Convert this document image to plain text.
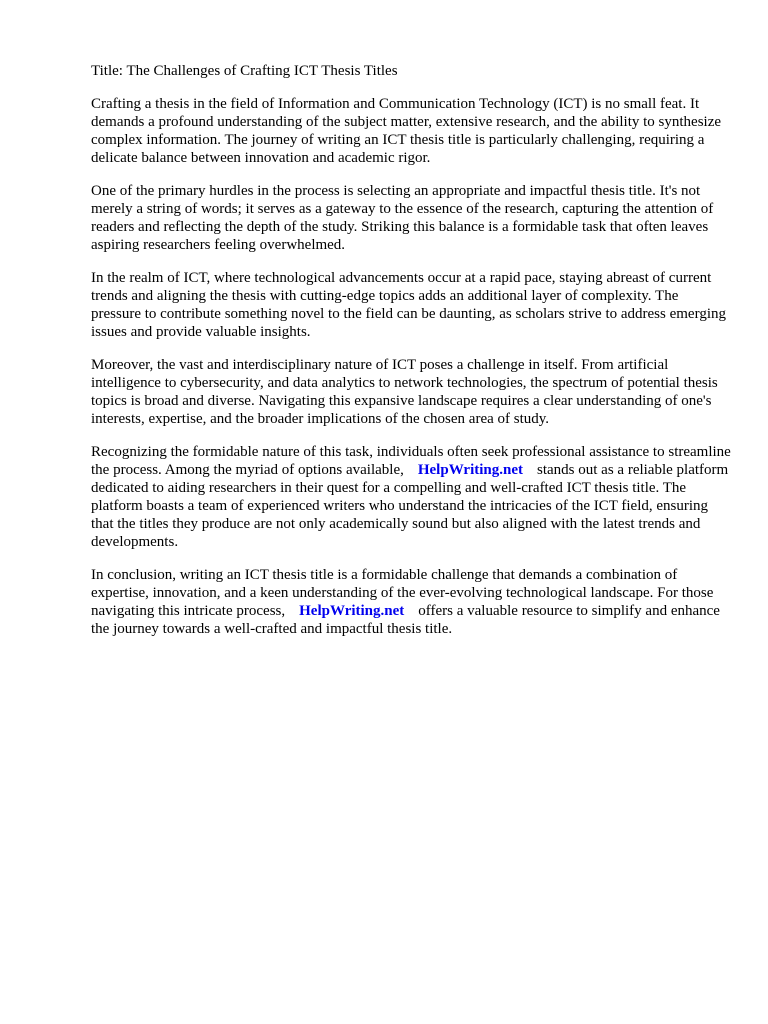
Title: The Challenges of Crafting ICT Thesis Titles

Crafting a thesis in the field of Information and Communication Technology (ICT) is no small feat. It demands a profound understanding of the subject matter, extensive research, and the ability to synthesize complex information. The journey of writing an ICT thesis title is particularly challenging, requiring a delicate balance between innovation and academic rigor.

One of the primary hurdles in the process is selecting an appropriate and impactful thesis title. It's not merely a string of words; it serves as a gateway to the essence of the research, capturing the attention of readers and reflecting the depth of the study. Striking this balance is a formidable task that often leaves aspiring researchers feeling overwhelmed.

In the realm of ICT, where technological advancements occur at a rapid pace, staying abreast of current trends and aligning the thesis with cutting-edge topics adds an additional layer of complexity. The pressure to contribute something novel to the field can be daunting, as scholars strive to address emerging issues and provide valuable insights.

Moreover, the vast and interdisciplinary nature of ICT poses a challenge in itself. From artificial intelligence to cybersecurity, and data analytics to network technologies, the spectrum of potential thesis topics is broad and diverse. Navigating this expansive landscape requires a clear understanding of one's interests, expertise, and the broader implications of the chosen area of study.

Recognizing the formidable nature of this task, individuals often seek professional assistance to streamline the process. Among the myriad of options available, HelpWriting.net stands out as a reliable platform dedicated to aiding researchers in their quest for a compelling and well-crafted ICT thesis title. The platform boasts a team of experienced writers who understand the intricacies of the ICT field, ensuring that the titles they produce are not only academically sound but also aligned with the latest trends and developments.

In conclusion, writing an ICT thesis title is a formidable challenge that demands a combination of expertise, innovation, and a keen understanding of the ever-evolving technological landscape. For those navigating this intricate process, HelpWriting.net offers a valuable resource to simplify and enhance the journey towards a well-crafted and impactful thesis title.
